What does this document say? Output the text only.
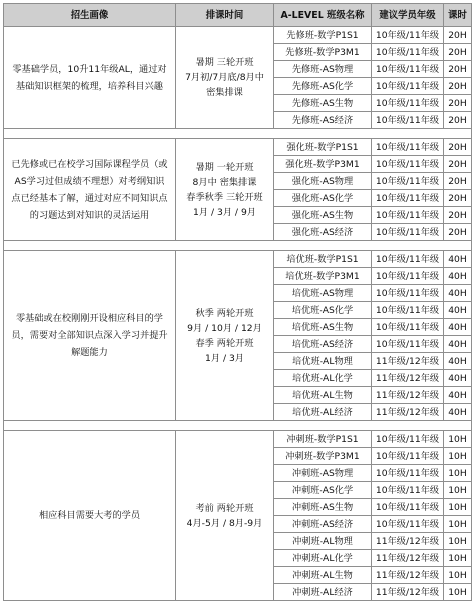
招生画像	排课时间	A-LEVEL 班级名称	建议学员年级	课时
零基础学员，10升11年级AL，通过对基础知识框架的梳理，培养科目兴趣	暑期 三轮开班
7月初/7月底/8月中
密集排课	先修班-数学P1S1	10年级/11年级	20H
		先修班-数学P3M1	10年级/11年级	20H
		先修班-AS物理	10年级/11年级	20H
		先修班-AS化学	10年级/11年级	20H
		先修班-AS生物	10年级/11年级	20H
		先修班-AS经济	10年级/11年级	20H

已先修或已在校学习国际课程学员（或AS学习过但成绩不理想）对考纲知识点已经基本了解，通过对应不同知识点的习题达到对知识的灵活运用	暑期 一轮开班
8月中 密集排课
春季秋季 三轮开班
1月 / 3月 / 9月	强化班-数学P1S1	10年级/11年级	20H
		强化班-数学P3M1	10年级/11年级	20H
		强化班-AS物理	10年级/11年级	20H
		强化班-AS化学	10年级/11年级	20H
		强化班-AS生物	10年级/11年级	20H
		强化班-AS经济	10年级/11年级	20H

零基础或在校刚刚开设相应科目的学员，需要对全部知识点深入学习并提升解题能力	秋季 两轮开班
9月 / 10月 / 12月
春季 两轮开班
1月 / 3月	培优班-数学P1S1	10年级/11年级	40H
		培优班-数学P3M1	10年级/11年级	40H
		培优班-AS物理	10年级/11年级	40H
		培优班-AS化学	10年级/11年级	40H
		培优班-AS生物	10年级/11年级	40H
		培优班-AS经济	10年级/11年级	40H
		培优班-AL物理	11年级/12年级	40H
		培优班-AL化学	11年级/12年级	40H
		培优班-AL生物	11年级/12年级	40H
		培优班-AL经济	11年级/12年级	40H

相应科目需要大考的学员	考前 两轮开班
4月-5月 / 8月-9月	冲刺班-数学P1S1	10年级/11年级	10H
		冲刺班-数学P3M1	10年级/11年级	10H
		冲刺班-AS物理	10年级/11年级	10H
		冲刺班-AS化学	10年级/11年级	10H
		冲刺班-AS生物	10年级/11年级	10H
		冲刺班-AS经济	10年级/11年级	10H
		冲刺班-AL物理	11年级/12年级	10H
		冲刺班-AL化学	11年级/12年级	10H
		冲刺班-AL生物	11年级/12年级	10H
		冲刺班-AL经济	11年级/12年级	10H
